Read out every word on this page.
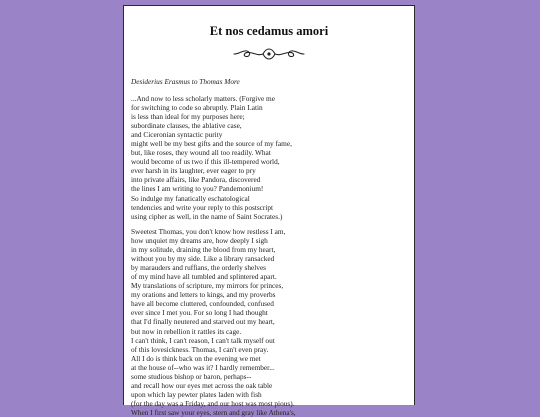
Et nos cedamus amori
Desiderius Erasmus to Thomas More
...And now to less scholarly matters. (Forgive me
for switching to code so abruptly. Plain Latin
is less than ideal for my purposes here;
subordinate clauses, the ablative case,
and Ciceronian syntactic purity
might well be my best gifts and the source of my fame,
but, like roses, they wound all too readily. What
would become of us two if this ill-tempered world,
ever harsh in its laughter, ever eager to pry
into private affairs, like Pandora, discovered
the lines I am writing to you? Pandemonium!
So indulge my fanatically eschatological
tendencies and write your reply to this postscript
using cipher as well, in the name of Saint Socrates.)
Sweetest Thomas, you don't know how restless I am,
how unquiet my dreams are, how deeply I sigh
in my solitude, draining the blood from my heart,
without you by my side. Like a library ransacked
by marauders and ruffians, the orderly shelves
of my mind have all tumbled and splintered apart.
My translations of scripture, my mirrors for princes,
my orations and letters to kings, and my proverbs
have all become cluttered, confounded, confused
ever since I met you. For so long I had thought
that I'd finally neutered and starved out my heart,
but now in rebellion it rattles its cage.
I can't think, I can't reason, I can't talk myself out
of this lovesickness. Thomas, I can't even pray.
All I do is think back on the evening we met
at the house of--who was it? I hardly remember...
some studious bishop or baron, perhaps--
and recall how our eyes met across the oak table
upon which lay pewter plates laden with fish
(for the day was a Friday, and our host was most pious).
When I first saw your eyes, stern and gray like Athena's,
